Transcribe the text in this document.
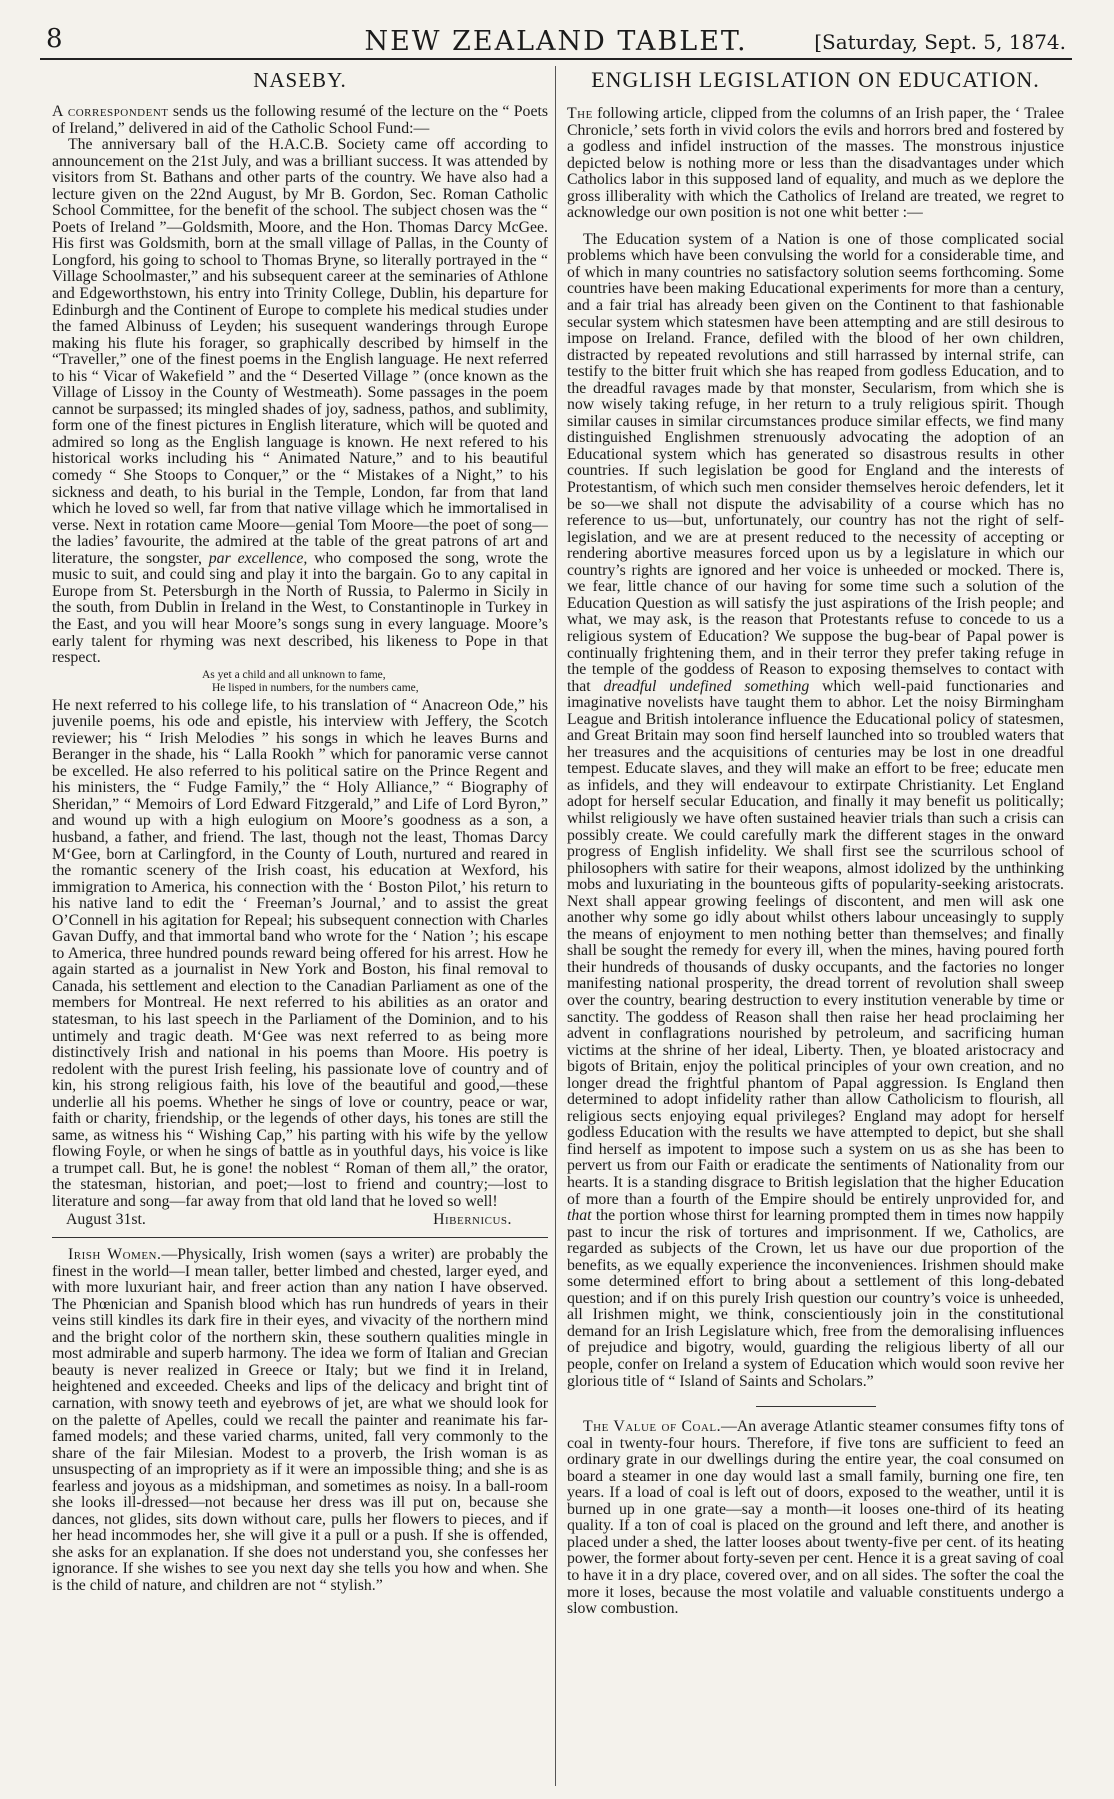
8	NEW ZEALAND TABLET.	[Saturday, Sept. 5, 1874.
NASEBY.

A correspondent sends us the following resumé of the lecture on the “ Poets of Ireland,” delivered in aid of the Catholic School Fund:—

The anniversary ball of the H.A.C.B. Society came off according to announcement on the 21st July, and was a brilliant success. It was attended by visitors from St. Bathans and other parts of the country. We have also had a lecture given on the 22nd August, by Mr B. Gordon, Sec. Roman Catholic School Committee, for the benefit of the school. The subject chosen was the “ Poets of Ireland ”—Goldsmith, Moore, and the Hon. Thomas Darcy McGee. His first was Goldsmith, born at the small village of Pallas, in the County of Longford, his going to school to Thomas Bryne, so literally portrayed in the “ Village Schoolmaster,” and his subsequent career at the seminaries of Athlone and Edgeworthstown, his entry into Trinity College, Dublin, his departure for Edinburgh and the Continent of Europe to complete his medical studies under the famed Albinuss of Leyden; his susequent wanderings through Europe making his flute his forager, so graphically described by himself in the “Traveller,” one of the finest poems in the English language. He next referred to his “ Vicar of Wakefield ” and the “ Deserted Village ” (once known as the Village of Lissoy in the County of Westmeath). Some passages in the poem cannot be surpassed; its mingled shades of joy, sadness, pathos, and sublimity, form one of the finest pictures in English literature, which will be quoted and admired so long as the English language is known. He next refered to his historical works including his “ Animated Nature,” and to his beautiful comedy “ She Stoops to Conquer,” or the “ Mistakes of a Night,” to his sickness and death, to his burial in the Temple, London, far from that land which he loved so well, far from that native village which he immortalised in verse. Next in rotation came Moore—genial Tom Moore—the poet of song—the ladies’ favourite, the admired at the table of the great patrons of art and literature, the songster, par excellence, who composed the song, wrote the music to suit, and could sing and play it into the bargain. Go to any capital in Europe from St. Petersburgh in the North of Russia, to Palermo in Sicily in the south, from Dublin in Ireland in the West, to Constantinople in Turkey in the East, and you will hear Moore’s songs sung in every language. Moore’s early talent for rhyming was next described, his likeness to Pope in that respect.

As yet a child and all unknown to fame,
He lisped in numbers, for the numbers came,

He next referred to his college life, to his translation of “ Anacreon Ode,” his juvenile poems, his ode and epistle, his interview with Jeffery, the Scotch reviewer; his “ Irish Melodies ” his songs in which he leaves Burns and Beranger in the shade, his “ Lalla Rookh ” which for panoramic verse cannot be excelled. He also referred to his political satire on the Prince Regent and his ministers, the “ Fudge Family,” the “ Holy Alliance,” “ Biography of Sheridan,” “ Memoirs of Lord Edward Fitzgerald,” and Life of Lord Byron,” and wound up with a high eulogium on Moore’s goodness as a son, a husband, a father, and friend. The last, though not the least, Thomas Darcy M‘Gee, born at Carlingford, in the County of Louth, nurtured and reared in the romantic scenery of the Irish coast, his education at Wexford, his immigration to America, his connection with the ‘ Boston Pilot,’ his return to his native land to edit the ‘ Freeman’s Journal,’ and to assist the great O’Connell in his agitation for Repeal; his subsequent connection with Charles Gavan Duffy, and that immortal band who wrote for the ‘ Nation ’; his escape to America, three hundred pounds reward being offered for his arrest. How he again started as a journalist in New York and Boston, his final removal to Canada, his settlement and election to the Canadian Parliament as one of the members for Montreal. He next referred to his abilities as an orator and statesman, to his last speech in the Parliament of the Dominion, and to his untimely and tragic death. M‘Gee was next referred to as being more distinctively Irish and national in his poems than Moore. His poetry is redolent with the purest Irish feeling, his passionate love of country and of kin, his strong religious faith, his love of the beautiful and good,—these underlie all his poems. Whether he sings of love or country, peace or war, faith or charity, friendship, or the legends of other days, his tones are still the same, as witness his “ Wishing Cap,” his parting with his wife by the yellow flowing Foyle, or when he sings of battle as in youthful days, his voice is like a trumpet call. But, he is gone! the noblest “ Roman of them all,” the orator, the statesman, historian, and poet;—lost to friend and country;—lost to literature and song—far away from that old land that he loved so well!

August 31st.	Hibernicus.

Irish Women.—Physically, Irish women (says a writer) are probably the finest in the world—I mean taller, better limbed and chested, larger eyed, and with more luxuriant hair, and freer action than any nation I have observed. The Phœnician and Spanish blood which has run hundreds of years in their veins still kindles its dark fire in their eyes, and vivacity of the northern mind and the bright color of the northern skin, these southern qualities mingle in most admirable and superb harmony. The idea we form of Italian and Grecian beauty is never realized in Greece or Italy; but we find it in Ireland, heightened and exceeded. Cheeks and lips of the delicacy and bright tint of carnation, with snowy teeth and eyebrows of jet, are what we should look for on the palette of Apelles, could we recall the painter and reanimate his far-famed models; and these varied charms, united, fall very commonly to the share of the fair Milesian. Modest to a proverb, the Irish woman is as unsuspecting of an impropriety as if it were an impossible thing; and she is as fearless and joyous as a midshipman, and sometimes as noisy. In a ball-room she looks ill-dressed—not because her dress was ill put on, because she dances, not glides, sits down without care, pulls her flowers to pieces, and if her head incommodes her, she will give it a pull or a push. If she is offended, she asks for an explanation. If she does not understand you, she confesses her ignorance. If she wishes to see you next day she tells you how and when. She is the child of nature, and children are not “ stylish.”

ENGLISH LEGISLATION ON EDUCATION.

The following article, clipped from the columns of an Irish paper, the ‘ Tralee Chronicle,’ sets forth in vivid colors the evils and horrors bred and fostered by a godless and infidel instruction of the masses. The monstrous injustice depicted below is nothing more or less than the disadvantages under which Catholics labor in this supposed land of equality, and much as we deplore the gross illiberality with which the Catholics of Ireland are treated, we regret to acknowledge our own position is not one whit better :—

The Education system of a Nation is one of those complicated social problems which have been convulsing the world for a considerable time, and of which in many countries no satisfactory solution seems forthcoming. Some countries have been making Educational experiments for more than a century, and a fair trial has already been given on the Continent to that fashionable secular system which statesmen have been attempting and are still desirous to impose on Ireland. France, defiled with the blood of her own children, distracted by repeated revolutions and still harrassed by internal strife, can testify to the bitter fruit which she has reaped from godless Education, and to the dreadful ravages made by that monster, Secularism, from which she is now wisely taking refuge, in her return to a truly religious spirit. Though similar causes in similar circumstances produce similar effects, we find many distinguished Englishmen strenuously advocating the adoption of an Educational system which has generated so disastrous results in other countries. If such legislation be good for England and the interests of Protestantism, of which such men consider themselves heroic defenders, let it be so—we shall not dispute the advisability of a course which has no reference to us—but, unfortunately, our country has not the right of self-legislation, and we are at present reduced to the necessity of accepting or rendering abortive measures forced upon us by a legislature in which our country’s rights are ignored and her voice is unheeded or mocked. There is, we fear, little chance of our having for some time such a solution of the Education Question as will satisfy the just aspirations of the Irish people; and what, we may ask, is the reason that Protestants refuse to concede to us a religious system of Education? We suppose the bug-bear of Papal power is continually frightening them, and in their terror they prefer taking refuge in the temple of the goddess of Reason to exposing themselves to contact with that dreadful undefined something which well-paid functionaries and imaginative novelists have taught them to abhor. Let the noisy Birmingham League and British intolerance influence the Educational policy of statesmen, and Great Britain may soon find herself launched into so troubled waters that her treasures and the acquisitions of centuries may be lost in one dreadful tempest. Educate slaves, and they will make an effort to be free; educate men as infidels, and they will endeavour to extirpate Christianity. Let England adopt for herself secular Education, and finally it may benefit us politically; whilst religiously we have often sustained heavier trials than such a crisis can possibly create. We could carefully mark the different stages in the onward progress of English infidelity. We shall first see the scurrilous school of philosophers with satire for their weapons, almost idolized by the unthinking mobs and luxuriating in the bounteous gifts of popularity-seeking aristocrats. Next shall appear growing feelings of discontent, and men will ask one another why some go idly about whilst others labour unceasingly to supply the means of enjoyment to men nothing better than themselves; and finally shall be sought the remedy for every ill, when the mines, having poured forth their hundreds of thousands of dusky occupants, and the factories no longer manifesting national prosperity, the dread torrent of revolution shall sweep over the country, bearing destruction to every institution venerable by time or sanctity. The goddess of Reason shall then raise her head proclaiming her advent in conflagrations nourished by petroleum, and sacrificing human victims at the shrine of her ideal, Liberty. Then, ye bloated aristocracy and bigots of Britain, enjoy the political principles of your own creation, and no longer dread the frightful phantom of Papal aggression. Is England then determined to adopt infidelity rather than allow Catholicism to flourish, all religious sects enjoying equal privileges? England may adopt for herself godless Education with the results we have attempted to depict, but she shall find herself as impotent to impose such a system on us as she has been to pervert us from our Faith or eradicate the sentiments of Nationality from our hearts. It is a standing disgrace to British legislation that the higher Education of more than a fourth of the Empire should be entirely unprovided for, and that the portion whose thirst for learning prompted them in times now happily past to incur the risk of tortures and imprisonment. If we, Catholics, are regarded as subjects of the Crown, let us have our due proportion of the benefits, as we equally experience the inconveniences. Irishmen should make some determined effort to bring about a settlement of this long-debated question; and if on this purely Irish question our country’s voice is unheeded, all Irishmen might, we think, conscientiously join in the constitutional demand for an Irish Legislature which, free from the demoralising influences of prejudice and bigotry, would, guarding the religious liberty of all our people, confer on Ireland a system of Education which would soon revive her glorious title of “ Island of Saints and Scholars.”

The Value of Coal.—An average Atlantic steamer consumes fifty tons of coal in twenty-four hours. Therefore, if five tons are sufficient to feed an ordinary grate in our dwellings during the entire year, the coal consumed on board a steamer in one day would last a small family, burning one fire, ten years. If a load of coal is left out of doors, exposed to the weather, until it is burned up in one grate—say a month—it looses one-third of its heating quality. If a ton of coal is placed on the ground and left there, and another is placed under a shed, the latter looses about twenty-five per cent. of its heating power, the former about forty-seven per cent. Hence it is a great saving of coal to have it in a dry place, covered over, and on all sides. The softer the coal the more it loses, because the most volatile and valuable constituents undergo a slow combustion.
